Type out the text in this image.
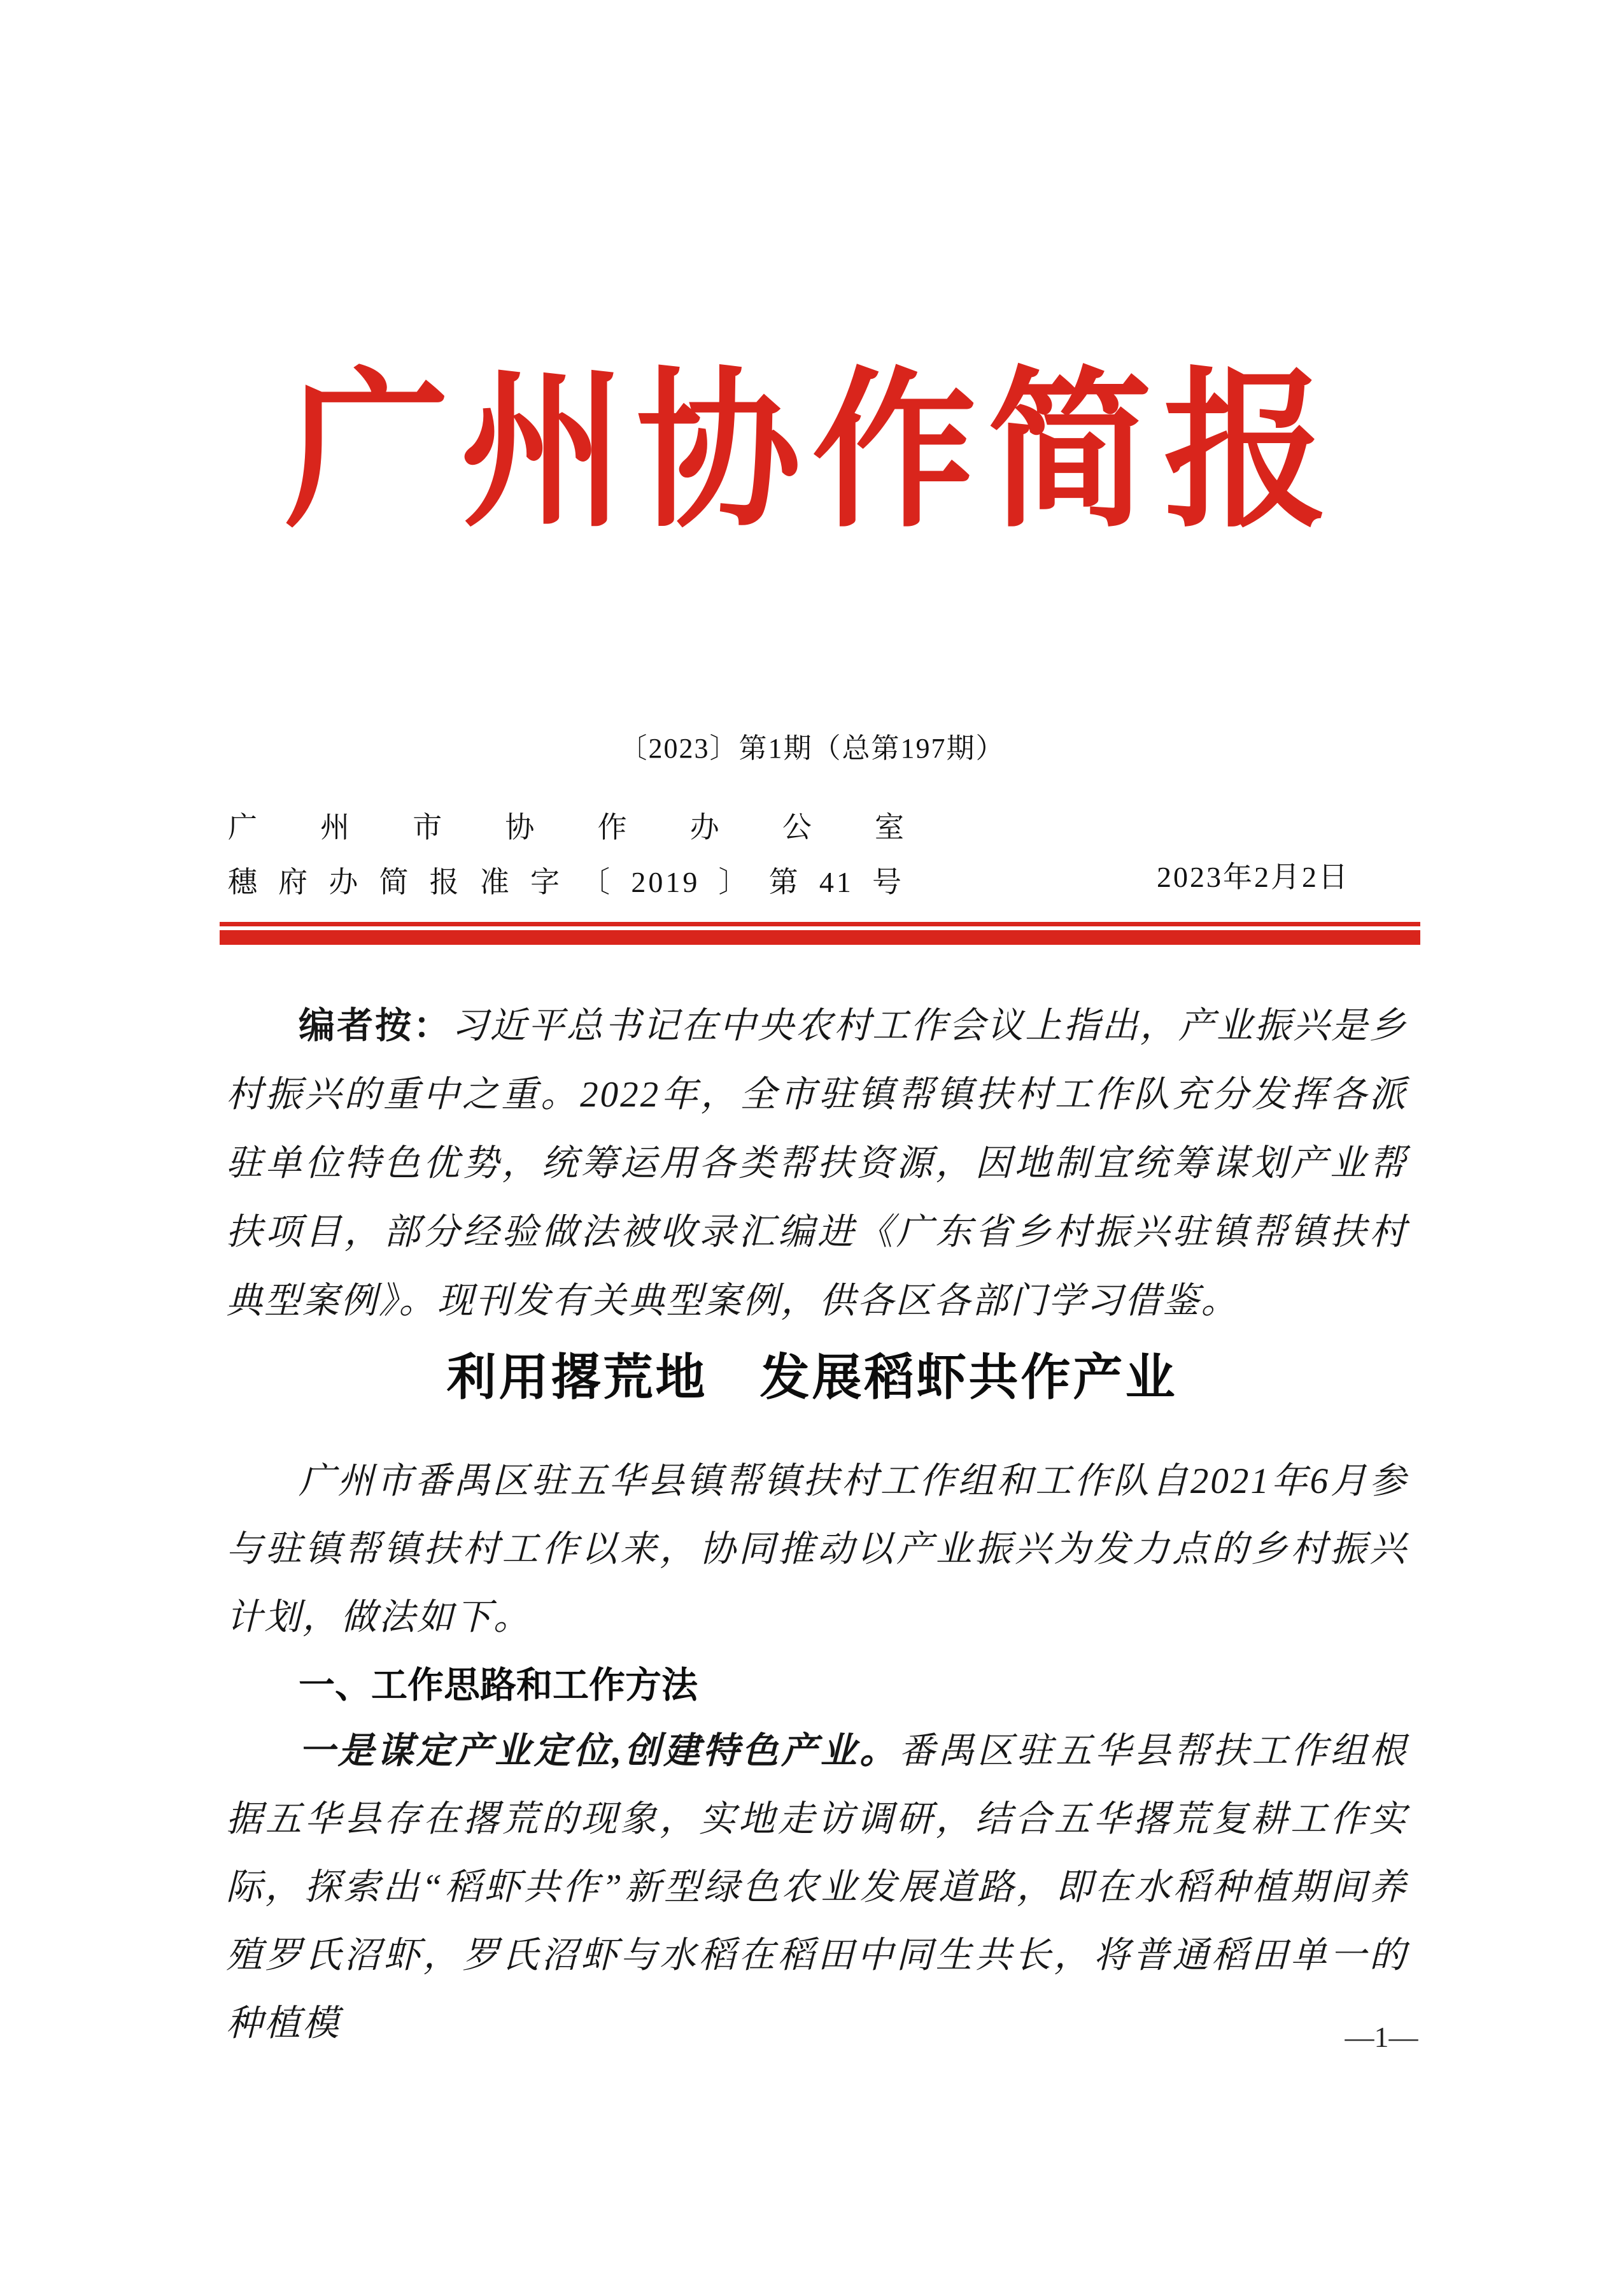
广州协作简报
〔2023〕第1期（总第197期）
广州市协作办公室
穗府办简报准字〔2019〕第41号	2023年2月2日
编者按：习近平总书记在中央农村工作会议上指出，产业振兴是乡村振兴的重中之重。2022年，全市驻镇帮镇扶村工作队充分发挥各派驻单位特色优势，统筹运用各类帮扶资源，因地制宜统筹谋划产业帮扶项目，部分经验做法被收录汇编进《广东省乡村振兴驻镇帮镇扶村典型案例》。现刊发有关典型案例，供各区各部门学习借鉴。
利用撂荒地　发展稻虾共作产业
广州市番禺区驻五华县镇帮镇扶村工作组和工作队自2021年6月参与驻镇帮镇扶村工作以来，协同推动以产业振兴为发力点的乡村振兴计划，做法如下。
一、工作思路和工作方法
一是谋定产业定位,创建特色产业。番禺区驻五华县帮扶工作组根据五华县存在撂荒的现象，实地走访调研，结合五华撂荒复耕工作实际，探索出“稻虾共作”新型绿色农业发展道路，即在水稻种植期间养殖罗氏沼虾，罗氏沼虾与水稻在稻田中同生共长，将普通稻田单一的种植模	—1—
